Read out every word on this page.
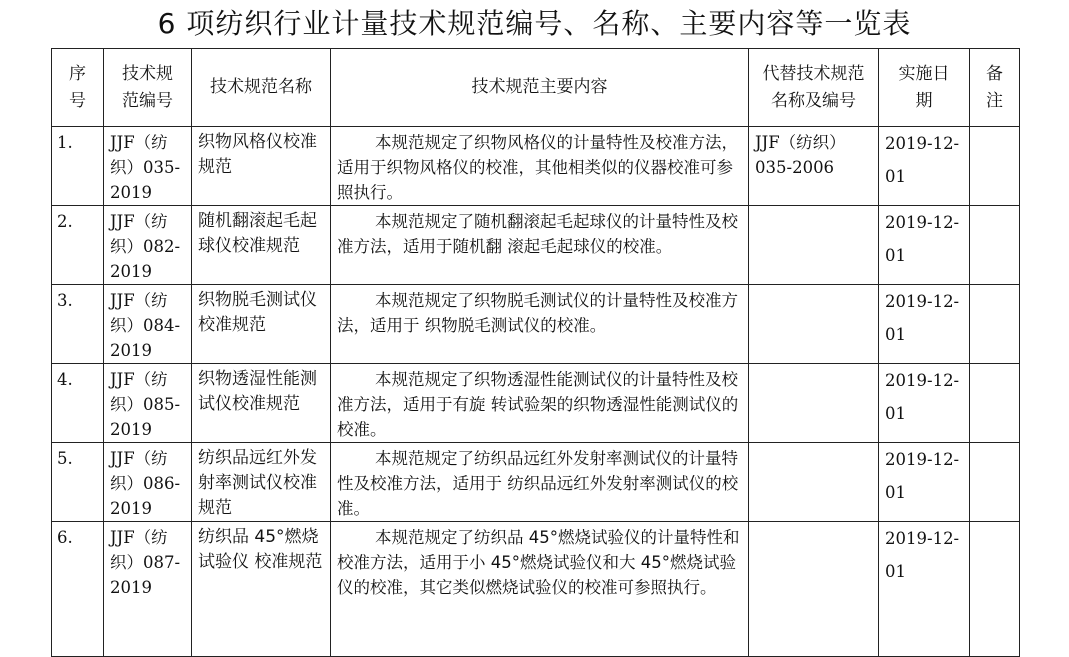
6 项纺织行业计量技术规范编号、名称、主要内容等一览表
序号	技术规范编号	技术规范名称	技术规范主要内容	代替技术规范名称及编号	实施日期	备注
1.	JJF（纺织）035-2019	织物风格仪校准规范	本规范规定了织物风格仪的计量特性及校准方法，适用于织物风格仪的校准，其他相类似的仪器校准可参照执行。	JJF（纺织）035-2006	2019-12-01	
2.	JJF（纺织）082-2019	随机翻滚起毛起球仪校准规范	本规范规定了随机翻滚起毛起球仪的计量特性及校准方法，适用于随机翻 滚起毛起球仪的校准。		2019-12-01	
3.	JJF（纺织）084-2019	织物脱毛测试仪校准规范	本规范规定了织物脱毛测试仪的计量特性及校准方法，适用于 织物脱毛测试仪的校准。		2019-12-01	
4.	JJF（纺织）085-2019	织物透湿性能测试仪校准规范	本规范规定了织物透湿性能测试仪的计量特性及校准方法，适用于有旋 转试验架的织物透湿性能测试仪的校准。		2019-12-01	
5.	JJF（纺织）086-2019	纺织品远红外发射率测试仪校准规范	本规范规定了纺织品远红外发射率测试仪的计量特性及校准方法，适用于 纺织品远红外发射率测试仪的校准。		2019-12-01	
6.	JJF（纺织）087-2019	纺织品 45°燃烧试验仪 校准规范	本规范规定了纺织品 45°燃烧试验仪的计量特性和校准方法，适用于小 45°燃烧试验仪和大 45°燃烧试验仪的校准，其它类似燃烧试验仪的校准可参照执行。		2019-12-01	
